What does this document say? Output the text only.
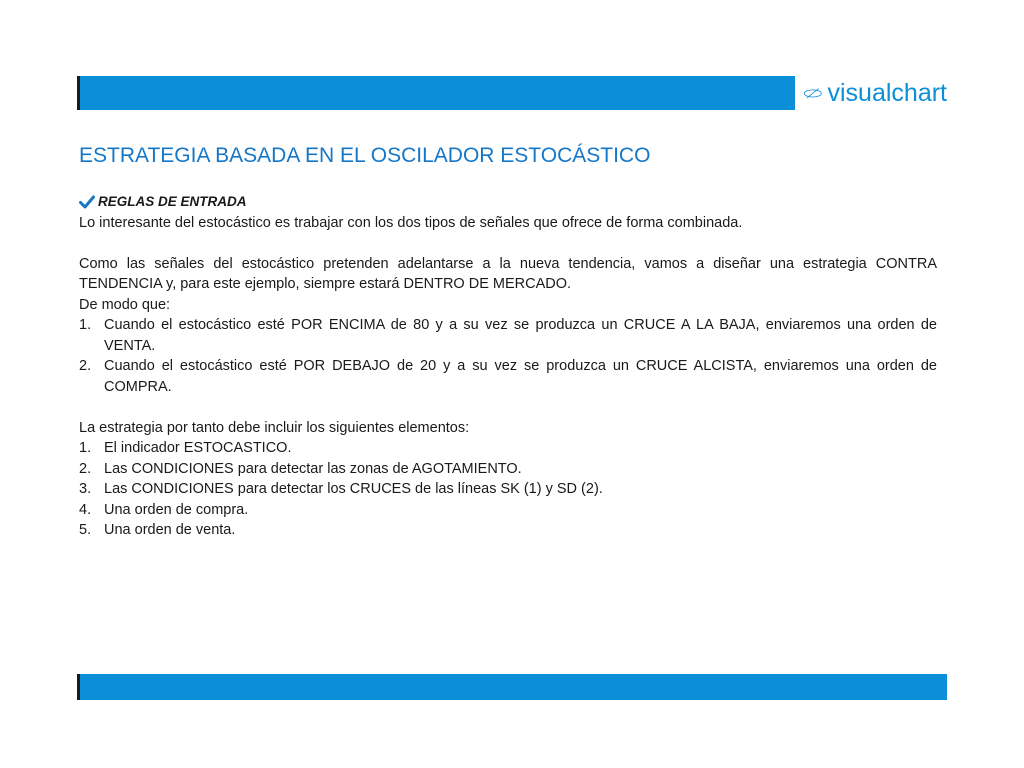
visualchart
ESTRATEGIA BASADA EN EL OSCILADOR ESTOCÁSTICO
REGLAS DE ENTRADA

Lo interesante del estocástico es trabajar con los dos tipos de señales que ofrece de forma combinada.

Como las señales del estocástico pretenden adelantarse a la nueva tendencia, vamos a diseñar una estrategia CONTRA TENDENCIA y, para este ejemplo, siempre estará DENTRO DE MERCADO.

De modo que:

1. Cuando el estocástico esté POR ENCIMA de 80 y a su vez se produzca un CRUCE A LA BAJA, enviaremos una orden de VENTA.
2. Cuando el estocástico esté POR DEBAJO de 20 y a su vez se produzca un CRUCE ALCISTA, enviaremos una orden de COMPRA.

La estrategia por tanto debe incluir los siguientes elementos:

1. El indicador ESTOCASTICO.
2. Las CONDICIONES para detectar las zonas de AGOTAMIENTO.
3. Las CONDICIONES para detectar los CRUCES de las líneas SK (1) y SD (2).
4. Una orden de compra.
5. Una orden de venta.
